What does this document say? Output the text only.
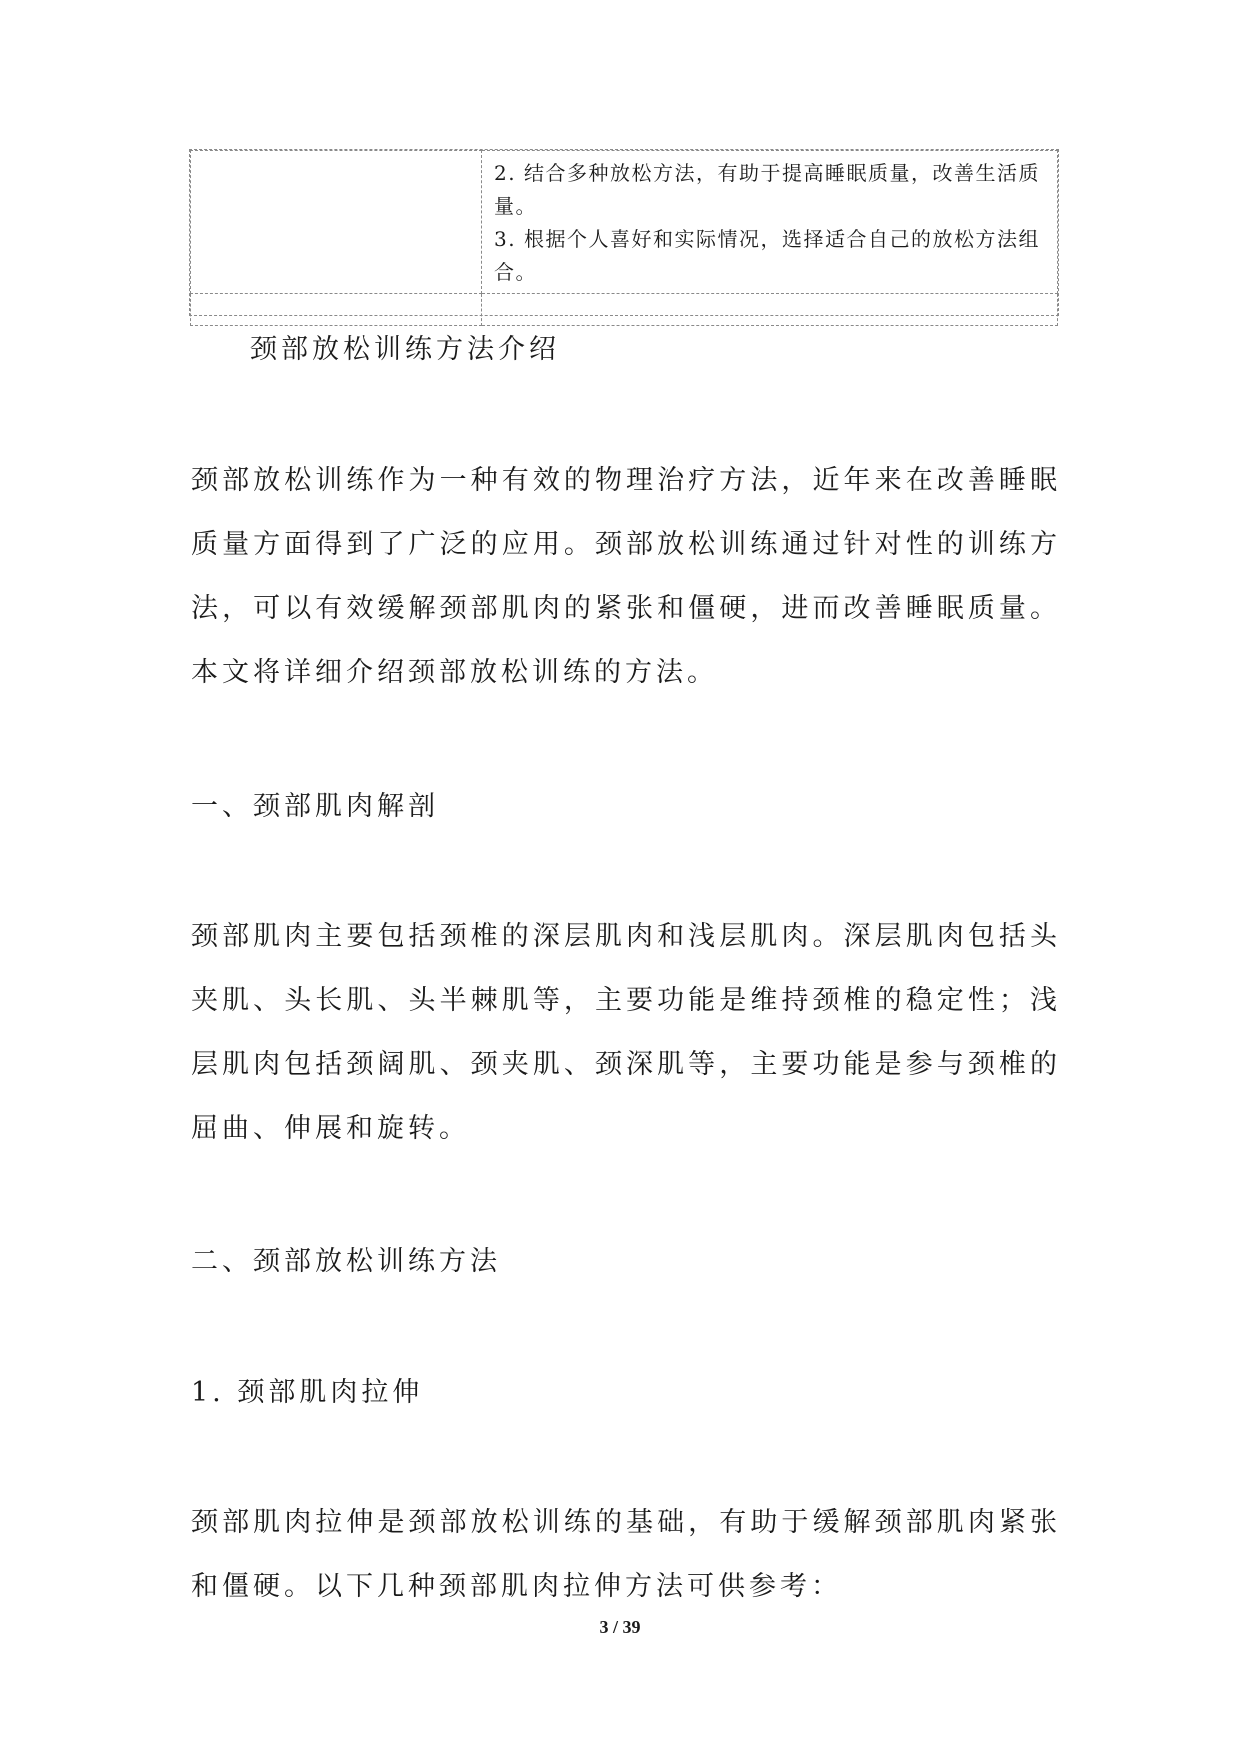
	2. 结合多种放松方法，有助于提高睡眠质量，改善生活质量。

3. 根据个人喜好和实际情况，选择适合自己的放松方法组合。

颈部放松训练方法介绍
颈部放松训练作为一种有效的物理治疗方法，近年来在改善睡眠质量方面得到了广泛的应用。颈部放松训练通过针对性的训练方法，可以有效缓解颈部肌肉的紧张和僵硬，进而改善睡眠质量。本文将详细介绍颈部放松训练的方法。
一、颈部肌肉解剖
颈部肌肉主要包括颈椎的深层肌肉和浅层肌肉。深层肌肉包括头夹肌、头长肌、头半棘肌等，主要功能是维持颈椎的稳定性；浅层肌肉包括颈阔肌、颈夹肌、颈深肌等，主要功能是参与颈椎的屈曲、伸展和旋转。
二、颈部放松训练方法
1. 颈部肌肉拉伸
颈部肌肉拉伸是颈部放松训练的基础，有助于缓解颈部肌肉紧张和僵硬。以下几种颈部肌肉拉伸方法可供参考：
3 / 39
